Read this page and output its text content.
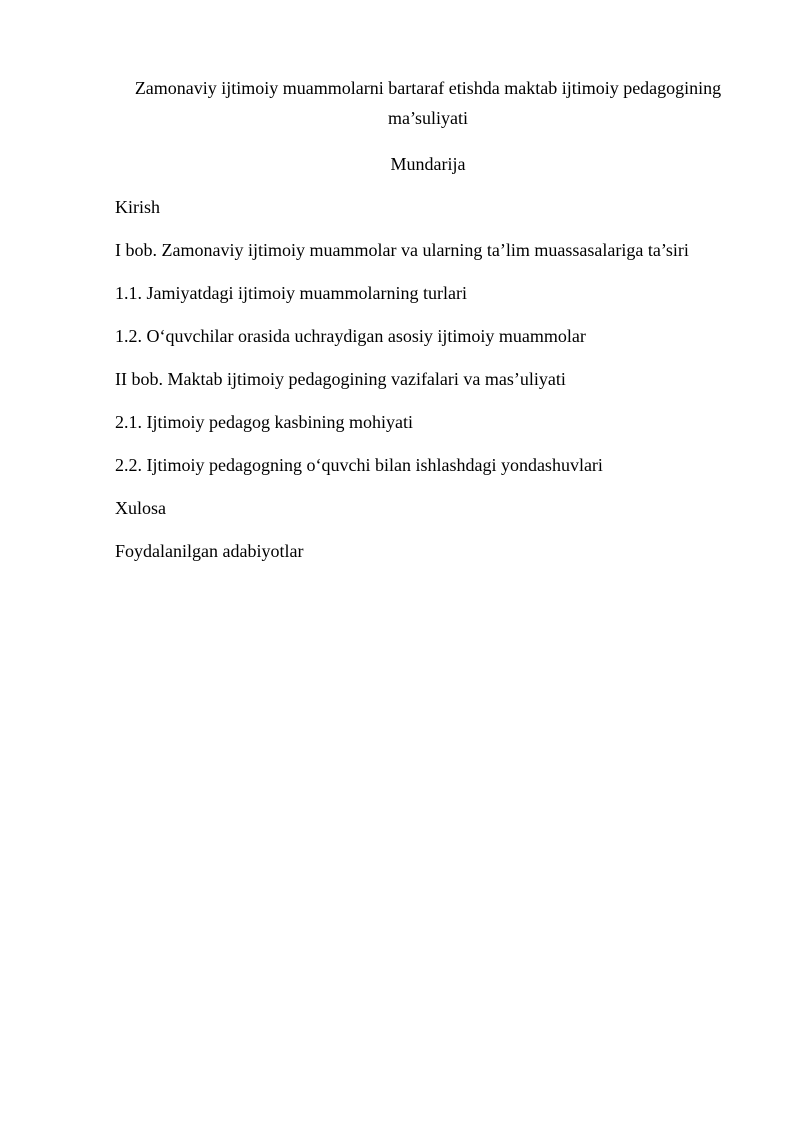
Zamonaviy ijtimoiy muammolarni bartaraf etishda maktab ijtimoiy pedagogining ma’suliyati
Mundarija
Kirish
I bob. Zamonaviy ijtimoiy muammolar va ularning ta’lim muassasalariga ta’siri
1.1. Jamiyatdagi ijtimoiy muammolarning turlari
1.2. O‘quvchilar orasida uchraydigan asosiy ijtimoiy muammolar
II bob. Maktab ijtimoiy pedagogining vazifalari va mas’uliyati
2.1. Ijtimoiy pedagog kasbining mohiyati
2.2. Ijtimoiy pedagogning o‘quvchi bilan ishlashdagi yondashuvlari
Xulosa
Foydalanilgan adabiyotlar
